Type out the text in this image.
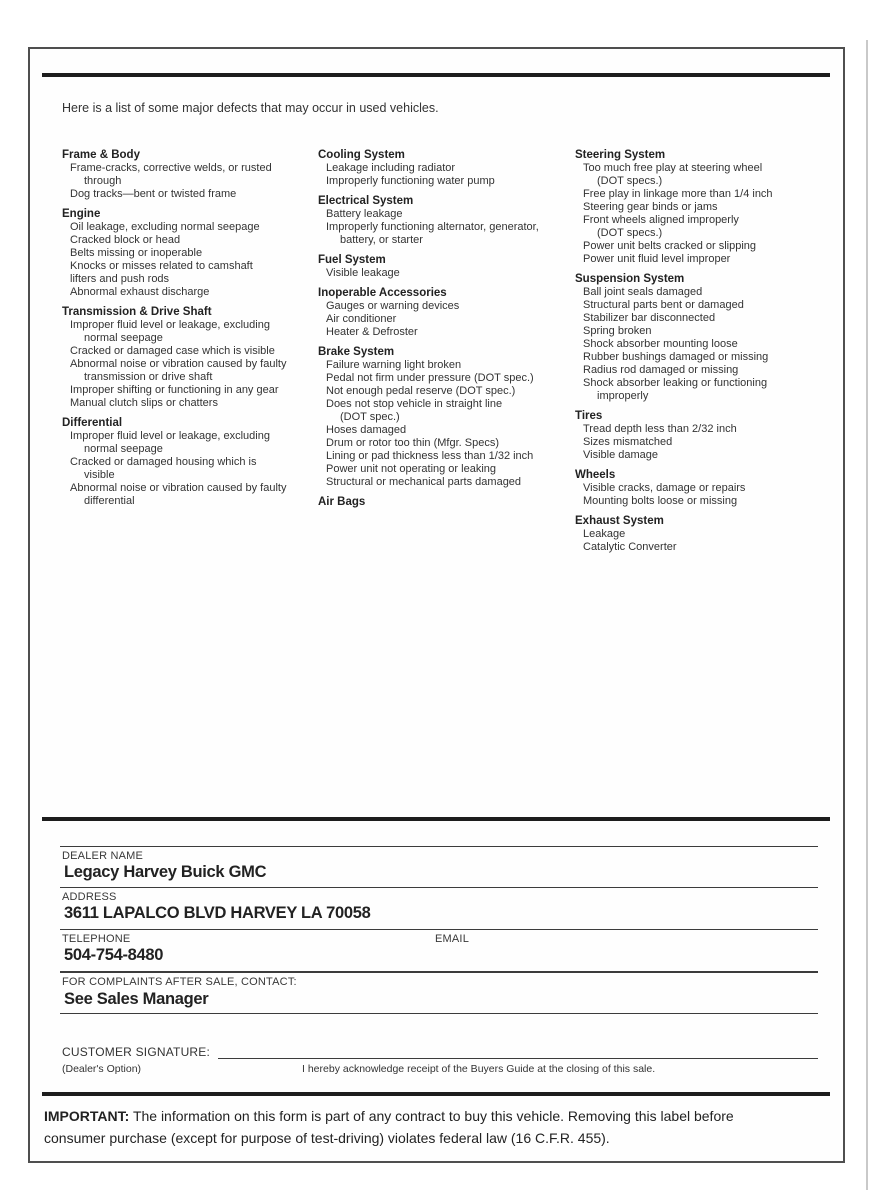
Here is a list of some major defects that may occur in used vehicles.
Frame & Body
Frame-cracks, corrective welds, or rusted
through
Dog tracks—bent or twisted frame
Engine
Oil leakage, excluding normal seepage
Cracked block or head
Belts missing or inoperable
Knocks or misses related to camshaft
lifters and push rods
Abnormal exhaust discharge
Transmission & Drive Shaft
Improper fluid level or leakage, excluding
normal seepage
Cracked or damaged case which is visible
Abnormal noise or vibration caused by faulty
transmission or drive shaft
Improper shifting or functioning in any gear
Manual clutch slips or chatters
Differential
Improper fluid level or leakage, excluding
normal seepage
Cracked or damaged housing which is
visible
Abnormal noise or vibration caused by faulty
differential
Cooling System
Leakage including radiator
Improperly functioning water pump
Electrical System
Battery leakage
Improperly functioning alternator, generator,
battery, or starter
Fuel System
Visible leakage
Inoperable Accessories
Gauges or warning devices
Air conditioner
Heater & Defroster
Brake System
Failure warning light broken
Pedal not firm under pressure (DOT spec.)
Not enough pedal reserve (DOT spec.)
Does not stop vehicle in straight line
(DOT spec.)
Hoses damaged
Drum or rotor too thin (Mfgr. Specs)
Lining or pad thickness less than 1/32 inch
Power unit not operating or leaking
Structural or mechanical parts damaged
Air Bags
Steering System
Too much free play at steering wheel
(DOT specs.)
Free play in linkage more than 1/4 inch
Steering gear binds or jams
Front wheels aligned improperly
(DOT specs.)
Power unit belts cracked or slipping
Power unit fluid level improper
Suspension System
Ball joint seals damaged
Structural parts bent or damaged
Stabilizer bar disconnected
Spring broken
Shock absorber mounting loose
Rubber bushings damaged or missing
Radius rod damaged or missing
Shock absorber leaking or functioning
improperly
Tires
Tread depth less than 2/32 inch
Sizes mismatched
Visible damage
Wheels
Visible cracks, damage or repairs
Mounting bolts loose or missing
Exhaust System
Leakage
Catalytic Converter
DEALER NAME
Legacy Harvey Buick GMC
ADDRESS
3611 LAPALCO BLVD HARVEY LA 70058
TELEPHONE	EMAIL
504-754-8480
FOR COMPLAINTS AFTER SALE, CONTACT:
See Sales Manager
CUSTOMER SIGNATURE:
(Dealer's Option)	I hereby acknowledge receipt of the Buyers Guide at the closing of this sale.
IMPORTANT: The information on this form is part of any contract to buy this vehicle. Removing this label before
consumer purchase (except for purpose of test-driving) violates federal law (16 C.F.R. 455).
